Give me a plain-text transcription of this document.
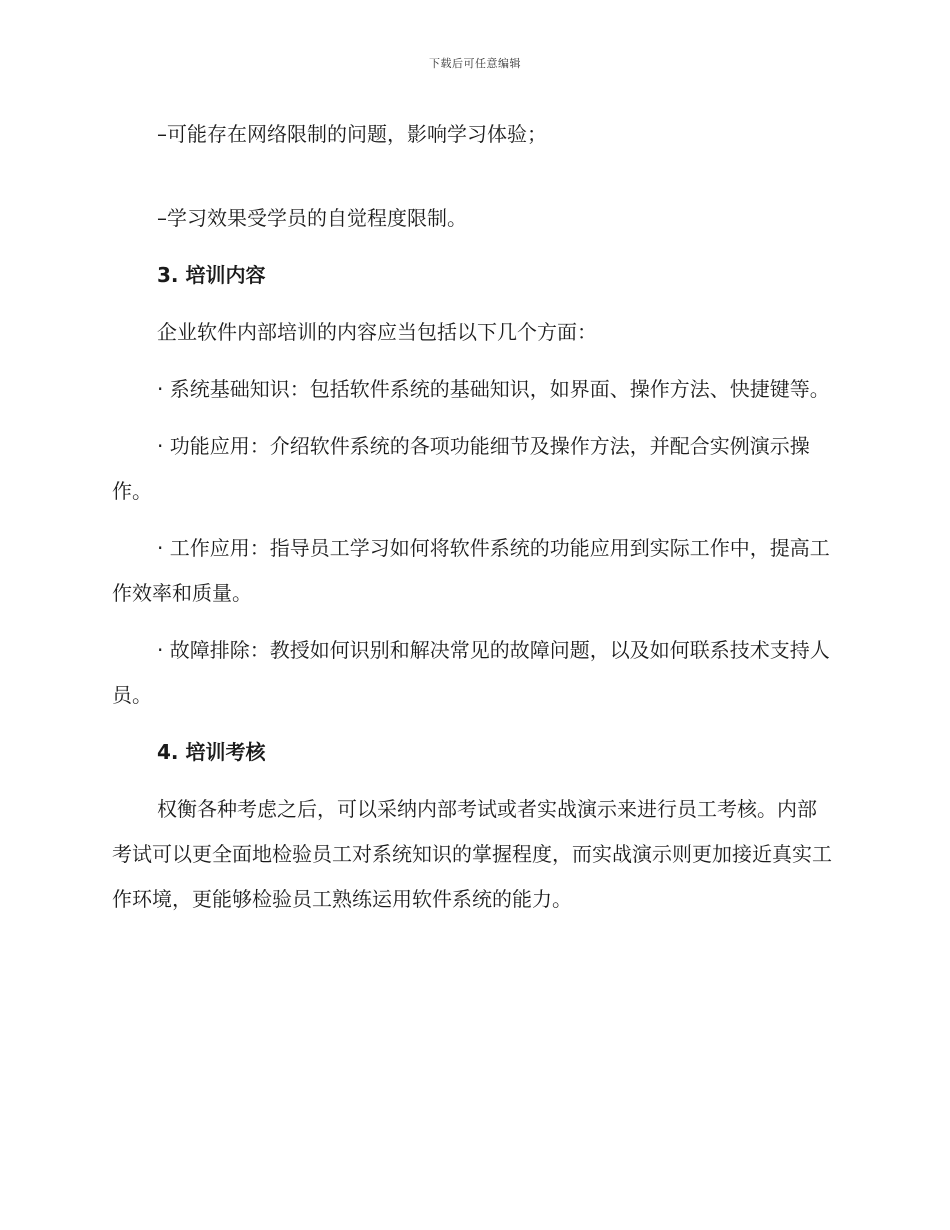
下载后可任意编辑

–可能存在网络限制的问题，影响学习体验；

–学习效果受学员的自觉程度限制。

3. 培训内容

企业软件内部培训的内容应当包括以下几个方面：

· 系统基础知识：包括软件系统的基础知识，如界面、操作方法、快捷键等。

· 功能应用：介绍软件系统的各项功能细节及操作方法，并配合实例演示操作。

· 工作应用：指导员工学习如何将软件系统的功能应用到实际工作中，提高工作效率和质量。

· 故障排除：教授如何识别和解决常见的故障问题，以及如何联系技术支持人员。

4. 培训考核

权衡各种考虑之后，可以采纳内部考试或者实战演示来进行员工考核。内部考试可以更全面地检验员工对系统知识的掌握程度，而实战演示则更加接近真实工作环境，更能够检验员工熟练运用软件系统的能力。
